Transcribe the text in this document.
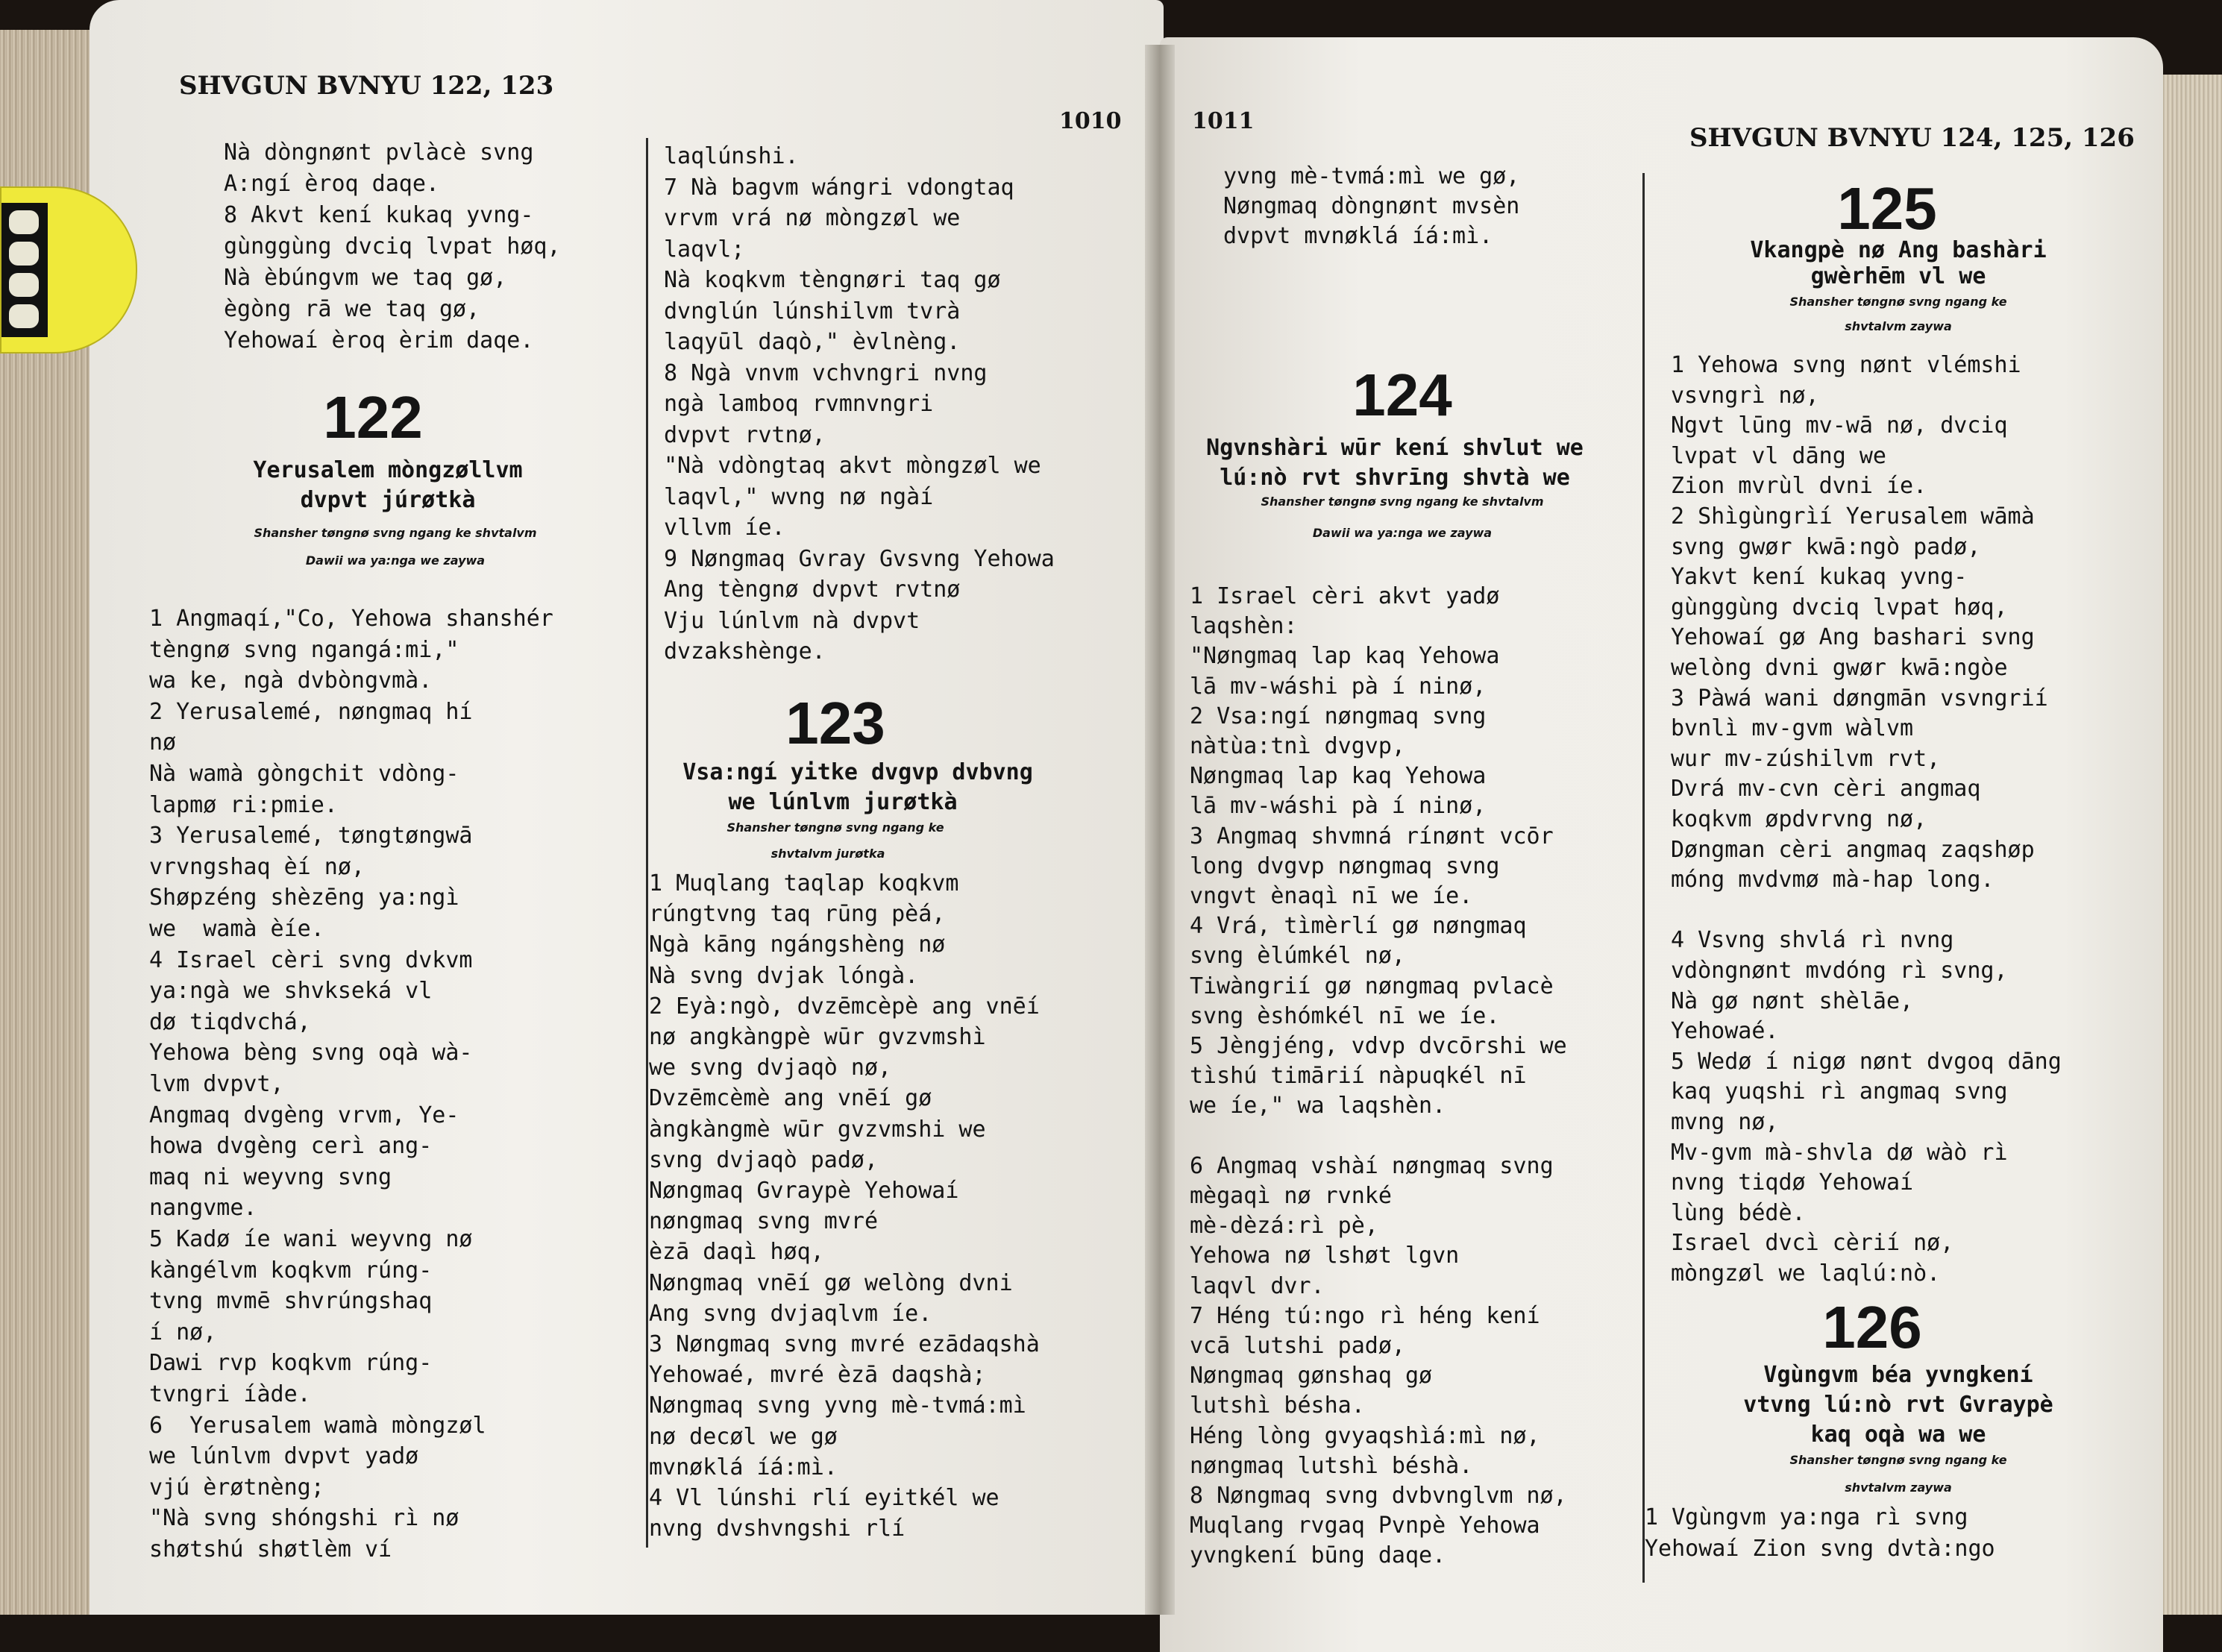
SHVGUN BVNYU 122, 123
1010	1011
SHVGUN BVNYU 124, 125, 126
Nà dòngnønt pvlàcè svng
A:ngí èroq daqe.
8 Akvt kení kukaq yvng-
gùnggùng dvciq lvpat høq,
Nà èbúngvm we taq gø,
ègòng rā we taq gø,
Yehowaí èroq èrim daqe.
122
Yerusalem mòngzøllvm
dvpvt júrøtkà
Shansher tøngnø svng ngang ke shvtalvm
Dawii wa ya:nga we zaywa
1 Angmaqí,"Co, Yehowa shanshér
tèngnø svng ngangá:mi,"
wa ke, ngà dvbòngvmà.
2 Yerusalemé, nøngmaq hí
nø
Nà wamà gòngchit vdòng-
lapmø ri:pmie.
3 Yerusalemé, tøngtøngwā
vrvngshaq èí nø,
Shøpzéng shèzēng ya:ngì
we  wamà èíe.
4 Israel cèri svng dvkvm
ya:ngà we shvkseká vl
dø tiqdvchá,
Yehowa bèng svng oqà wà-
lvm dvpvt,
Angmaq dvgèng vrvm, Ye-
howa dvgèng cerì ang-
maq ni weyvng svng
nangvme.
5 Kadø íe wani weyvng nø
kàngélvm koqkvm rúng-
tvng mvmē shvrúngshaq
í nø,
Dawi rvp koqkvm rúng-
tvngri íàde.
6  Yerusalem wamà mòngzøl
we lúnlvm dvpvt yadø
vjú èrøtnèng;
"Nà svng shóngshi rì nø
shøtshú shøtlèm ví
laqlúnshi.
7 Nà bagvm wángri vdongtaq
vrvm vrá nø mòngzøl we
laqvl;
Nà koqkvm tèngnøri taq gø
dvnglún lúnshilvm tvrà
laqyūl daqò," èvlnèng.
8 Ngà vnvm vchvngri nvng
ngà lamboq rvmnvngri
dvpvt rvtnø,
"Nà vdòngtaq akvt mòngzøl we
laqvl," wvng nø ngàí
vllvm íe.
9 Nøngmaq Gvray Gvsvng Yehowa
Ang tèngnø dvpvt rvtnø
Vju lúnlvm nà dvpvt
dvzakshènge.
123
Vsa:ngí yitke dvgvp dvbvng
we lúnlvm jurøtkà
Shansher tøngnø svng ngang ke
shvtalvm jurøtka
1 Muqlang taqlap koqkvm
rúngtvng taq rūng pèá,
Ngà kāng ngángshèng nø
Nà svng dvjak lóngà.
2 Eyà:ngò, dvzēmcèpè ang vnēí
nø angkàngpè wūr gvzvmshì
we svng dvjaqò nø,
Dvzēmcèmè ang vnēí gø
àngkàngmè wūr gvzvmshi we
svng dvjaqò padø,
Nøngmaq Gvraypè Yehowaí
nøngmaq svng mvré
èzā daqì høq,
Nøngmaq vnēí gø welòng dvni
Ang svng dvjaqlvm íe.
3 Nøngmaq svng mvré ezādaqshà
Yehowaé, mvré èzā daqshà;
Nøngmaq svng yvng mè-tvmá:mì
nø decøl we gø
mvnøklá íá:mì.
4 Vl lúnshi rlí eyitkél we
nvng dvshvngshi rlí
yvng mè-tvmá:mì we gø,
Nøngmaq dòngnønt mvsèn
dvpvt mvnøklá íá:mì.
124
Ngvnshàri wūr kení shvlut we
lú:nò rvt shvrīng shvtà we
Shansher tøngnø svng ngang ke shvtalvm
Dawii wa ya:nga we zaywa
1 Israel cèri akvt yadø
laqshèn:
"Nøngmaq lap kaq Yehowa
lā mv-wáshi pà í ninø,
2 Vsa:ngí nøngmaq svng
nàtùa:tnì dvgvp,
Nøngmaq lap kaq Yehowa
lā mv-wáshi pà í ninø,
3 Angmaq shvmná rínønt vcōr
long dvgvp nøngmaq svng
vngvt ènaqì nī we íe.
4 Vrá, tìmèrlí gø nøngmaq
svng èlúmkél nø,
Tiwàngrií gø nøngmaq pvlacè
svng èshómkél nī we íe.
5 Jèngjéng, vdvp dvcōrshi we
tìshú timārií nàpuqkél nī
we íe," wa laqshèn.
6 Angmaq vshàí nøngmaq svng
mègaqì nø rvnké
mè-dèzá:rì pè,
Yehowa nø lshøt lgvn
laqvl dvr.
7 Héng tú:ngo rì héng kení
vcā lutshi padø,
Nøngmaq gønshaq gø
lutshì bésha.
Héng lòng gvyaqshìá:mì nø,
nøngmaq lutshì béshà.
8 Nøngmaq svng dvbvnglvm nø,
Muqlang rvgaq Pvnpè Yehowa
yvngkení būng daqe.
125
Vkangpè nø Ang bashàri
gwèrhēm vl we
Shansher tøngnø svng ngang ke
shvtalvm zaywa
1 Yehowa svng nønt vlémshi
vsvngrì nø,
Ngvt lūng mv-wā nø, dvciq
lvpat vl dāng we
Zion mvrùl dvni íe.
2 Shìgùngrìí Yerusalem wāmà
svng gwør kwā:ngò padø,
Yakvt kení kukaq yvng-
gùnggùng dvciq lvpat høq,
Yehowaí gø Ang bashari svng
welòng dvni gwør kwā:ngòe
3 Pàwá wani døngmān vsvngrií
bvnlì mv-gvm wàlvm
wur mv-zúshilvm rvt,
Dvrá mv-cvn cèri angmaq
koqkvm øpdvrvng nø,
Døngman cèri angmaq zaqshøp
móng mvdvmø mà-hap long.
4 Vsvng shvlá rì nvng
vdòngnønt mvdóng rì svng,
Nà gø nønt shèlāe,
Yehowaé.
5 Wedø í nigø nønt dvgoq dāng
kaq yuqshi rì angmaq svng
mvng nø,
Mv-gvm mà-shvla dø wàò rì
nvng tiqdø Yehowaí
lùng bédè.
Israel dvcì cèrií nø,
mòngzøl we laqlú:nò.
126
Vgùngvm béa yvngkení
vtvng lú:nò rvt Gvraypè
kaq oqà wa we
Shansher tøngnø svng ngang ke
shvtalvm zaywa
1 Vgùngvm ya:nga rì svng
Yehowaí Zion svng dvtà:ngo
